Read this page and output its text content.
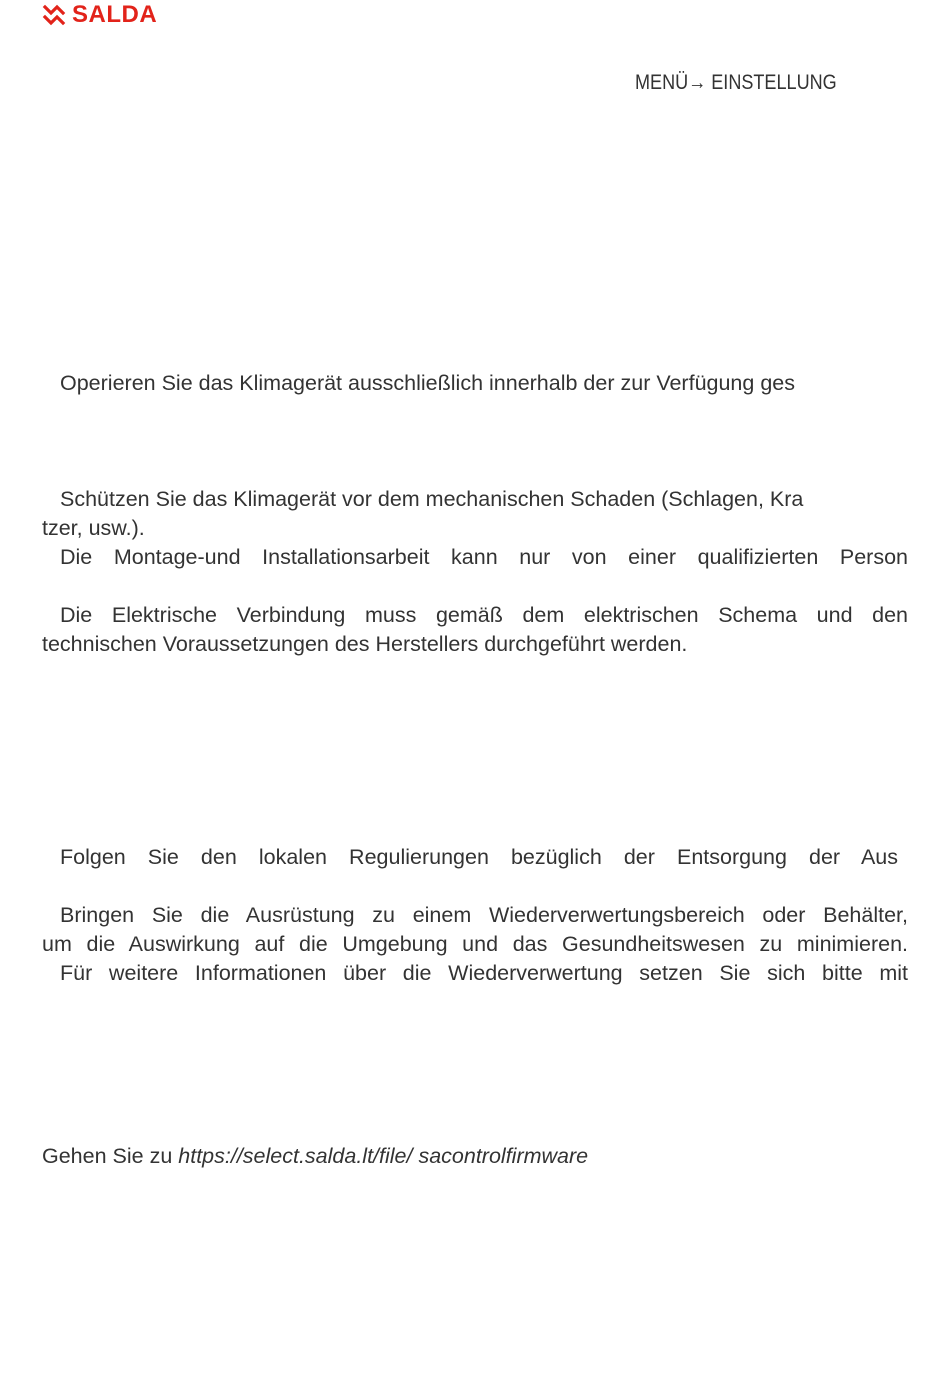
SALDA
MENÜ→ EINSTELLUNG

Operieren Sie das Klimagerät ausschließlich innerhalb der zur Verfügung ges

Schützen Sie das Klimagerät vor dem mechanischen Schaden (Schlagen, Kra
tzer, usw.).

Die Montage-und Installationsarbeit kann nur von einer qualifizierten Person

Die Elektrische Verbindung muss gemäß dem elektrischen Schema und den
technischen Voraussetzungen des Herstellers durchgeführt werden.

Folgen Sie den lokalen Regulierungen bezüglich der Entsorgung der Aus

Bringen Sie die Ausrüstung zu einem Wiederverwertungsbereich oder Behälter,
um die Auswirkung auf die Umgebung und das Gesundheitswesen zu minimieren.

Für weitere Informationen über die Wiederverwertung setzen Sie sich bitte mit

Gehen Sie zu https://select.salda.lt/file/ sacontrolfirmware
